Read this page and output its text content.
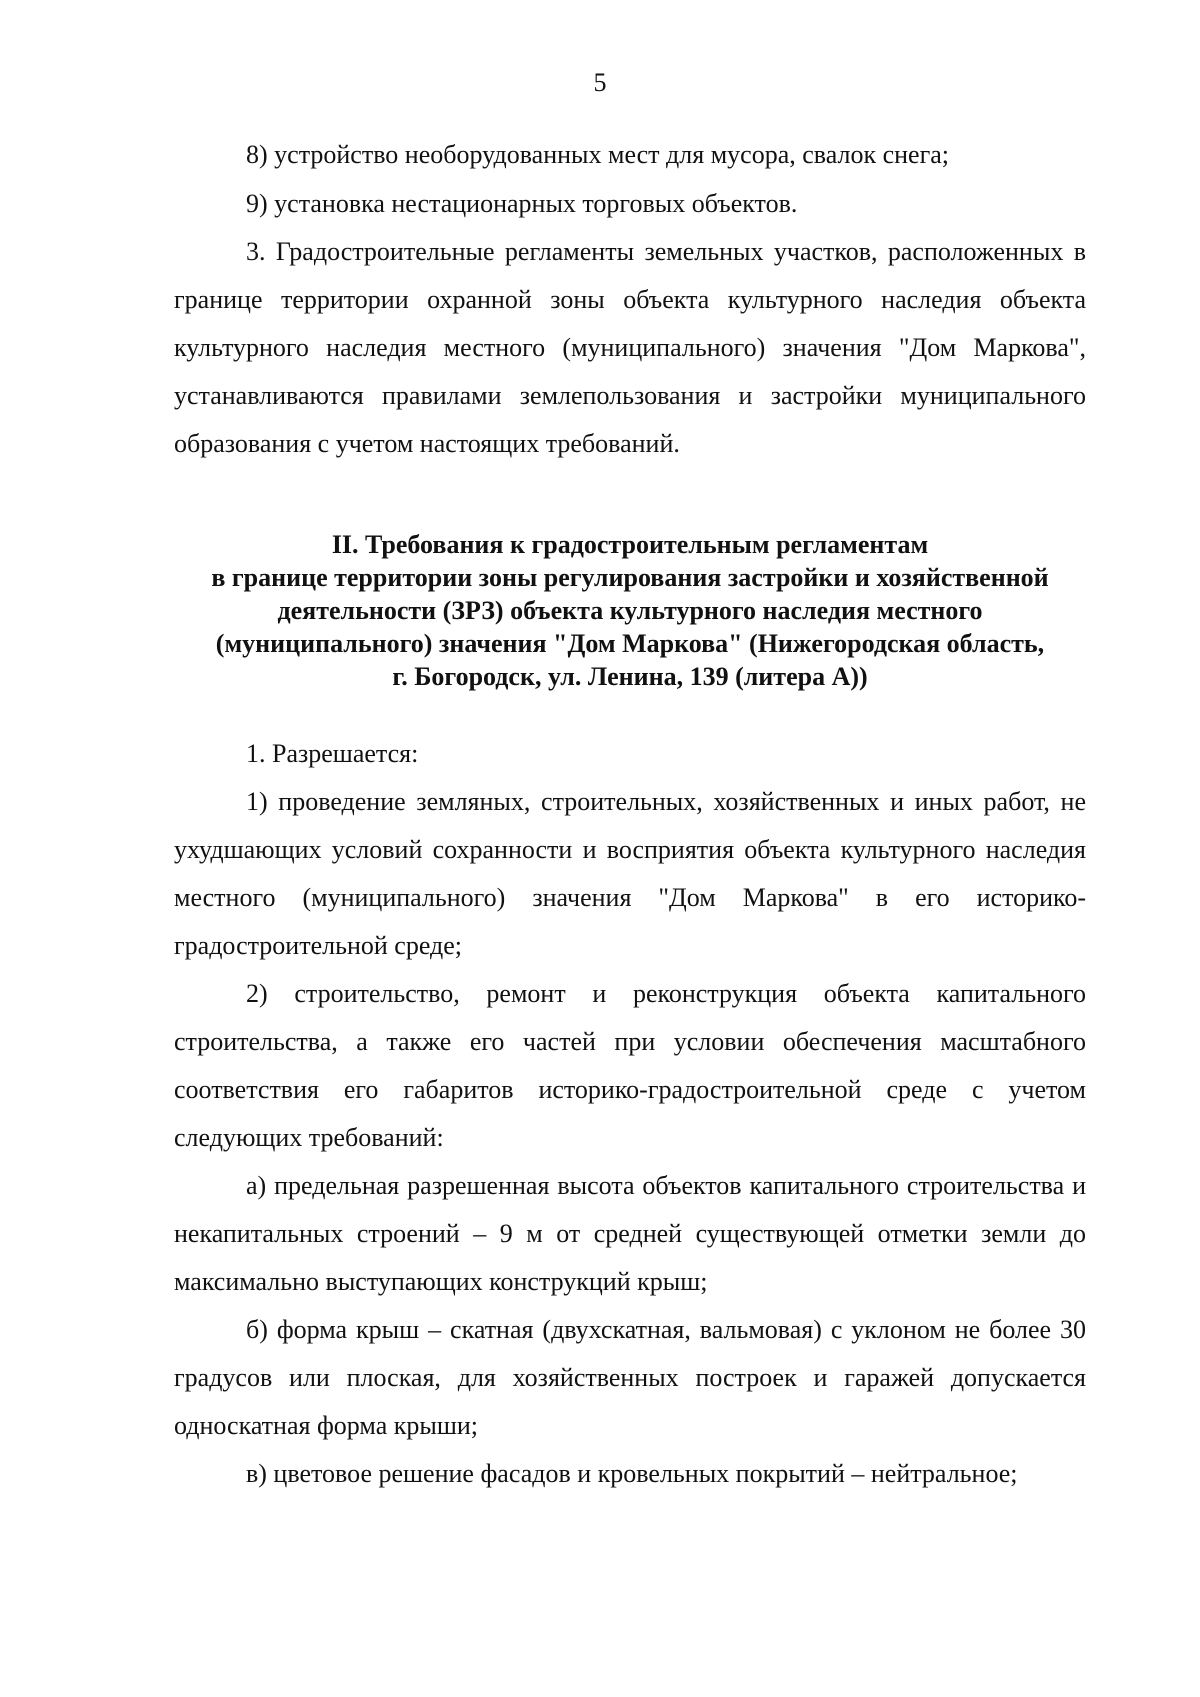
5

8) устройство необорудованных мест для мусора, свалок снега;

9) установка нестационарных торговых объектов.

3. Градостроительные регламенты земельных участков, расположенных в границе территории охранной зоны объекта культурного наследия объекта культурного наследия местного (муниципального) значения "Дом Маркова", устанавливаются правилами землепользования и застройки муниципального образования с учетом настоящих требований.

II. Требования к градостроительным регламентам
в границе территории зоны регулирования застройки и хозяйственной
деятельности (ЗРЗ) объекта культурного наследия местного
(муниципального) значения "Дом Маркова" (Нижегородская область,
г. Богородск, ул. Ленина, 139 (литера А))

1. Разрешается:

1) проведение земляных, строительных, хозяйственных и иных работ, не ухудшающих условий сохранности и восприятия объекта культурного наследия местного (муниципального) значения "Дом Маркова" в его историко-градостроительной среде;

2) строительство, ремонт и реконструкция объекта капитального строительства, а также его частей при условии обеспечения масштабного соответствия его габаритов историко-градостроительной среде с учетом следующих требований:

а) предельная разрешенная высота объектов капитального строительства и некапитальных строений – 9 м от средней существующей отметки земли до максимально выступающих конструкций крыш;

б) форма крыш – скатная (двухскатная, вальмовая) с уклоном не более 30 градусов или плоская, для хозяйственных построек и гаражей допускается односкатная форма крыши;

в) цветовое решение фасадов и кровельных покрытий – нейтральное;
